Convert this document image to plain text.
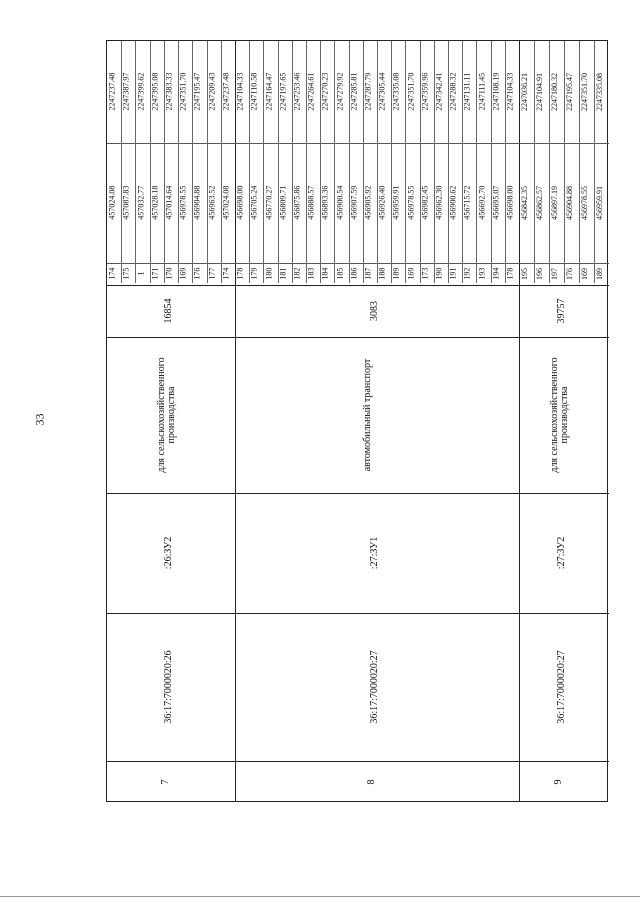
33
7
36:17:7000020:26
:26:ЗУ2
для сельскохозяйственного производства
16854
2247237.48
457024.08
174
2247387.97
457087.83
175
2247399.62
457032.77
1
2247395.08
457028.18
171
2247383.33
457014.64
170
2247351.70
456978.55
169
2247195.47
456904.88
176
2247209.43
456963.52
177
2247237.48
457024.08
174
8
36:17:7000020:27
:27:ЗУ1
автомобильный транспорт
3083
2247104.33
456698.00
178
2247110.58
456705.24
179
2247164.47
456770.27
180
2247197.65
456809.71
181
2247253.46
456875.86
182
2247264.61
456888.57
183
2247270.23
456893.36
184
2247279.92
456900.54
185
2247285.81
456907.59
186
2247287.79
456905.92
187
2247305.44
456926.40
188
2247335.08
456959.91
189
2247351.70
456978.55
169
2247359.96
456982.45
173
2247342.41
456962.30
190
2247288.32
456900.62
191
2247131.11
456715.72
192
2247111.45
456692.70
193
2247108.19
456695.07
194
2247104.33
456698.00
178
9
36:17:7000020:27
:27:ЗУ2
для сельскохозяйственного производства
39757
2247036.21
456842.35
195
2247104.91
456862.57
196
2247180.32
456897.19
197
2247195.47
456904.88
176
2247351.70
456978.55
169
2247335.08
456959.91
189
